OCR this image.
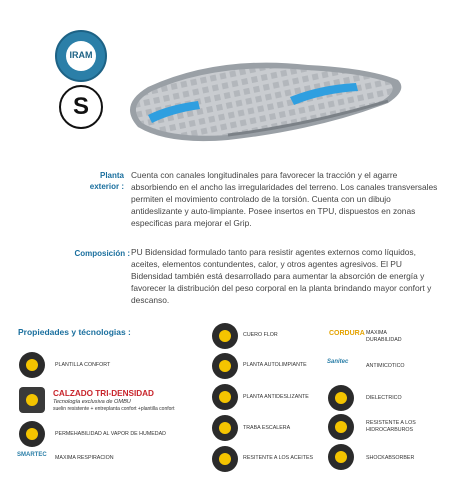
IRAM
S
Planta
exterior :
Cuenta con canales longitudinales para favorecer la tracción y el agarre absorbiendo en el ancho las irregularidades del terreno. Los canales transversales permiten el movimiento controlado de la torsión. Cuenta con un dibujo antideslizante y auto-limpiante. Posee insertos en TPU, dispuestos en zonas especificas para mejorar el Grip.
Composición : PU Bidensidad formulado tanto para resistir agentes externos como líquidos, aceites, elementos contundentes, calor, y otros agentes agresivos. El PU Bidensidad también está desarrollado para aumentar la absorción de energía y favorecer la distribución del peso corporal en la planta brindando mayor confort y descanso.
Propiedades y técnologias :
PLANTILLA CONFORT
CALZADO TRI-DENSIDAD
Tecnología exclusiva de OMBU
suelin resistente + entreplanta confort +plantilla confort
PERMEHABILIDAD AL VAPOR DE HUMEDAD
SMARTEC MAXIMA RESPIRACION
CUERO FLOR
PLANTA AUTOLIMPIANTE
PLANTA ANTIDESLIZANTE
TRABA ESCALERA
RESITENTE A LOS ACEITES
CORDURA MAXIMA
DURABILIDAD
Sanitec
ANTIMICOTICO
DIELECTRICO
RESISTENTE A LOS
HIDROCARBUROS
SHOCKABSORBER
